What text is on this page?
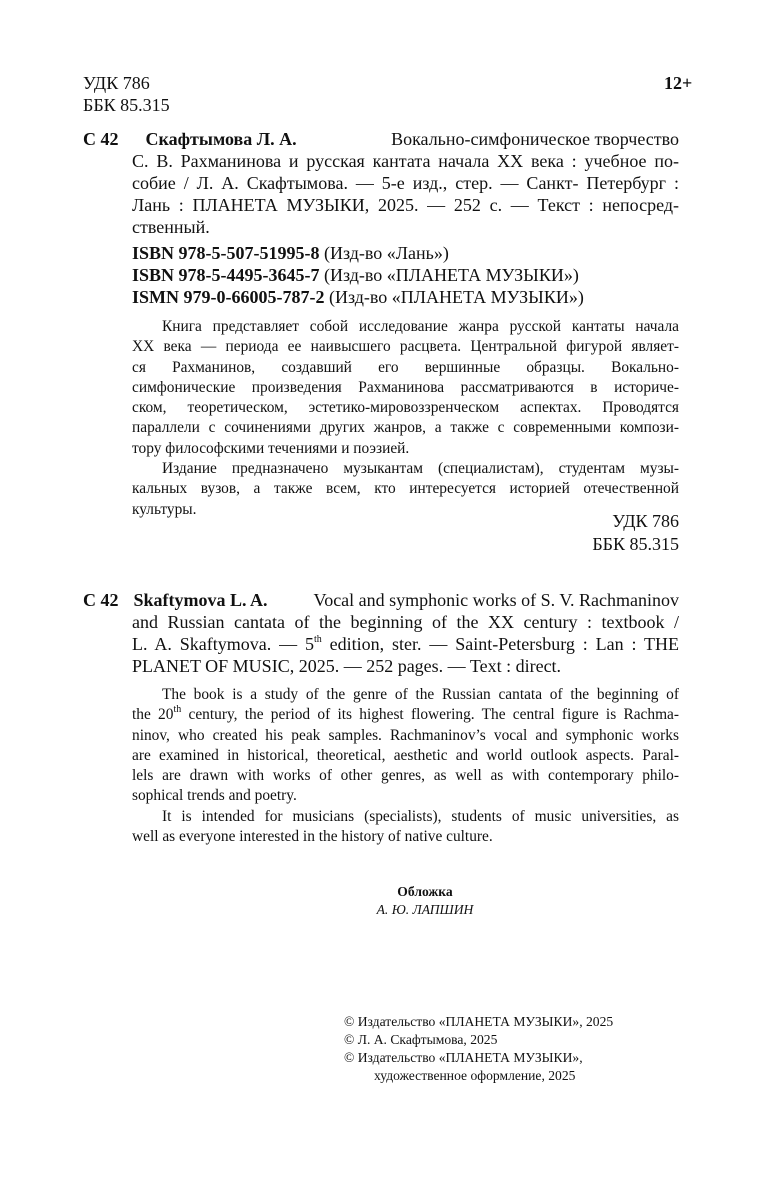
УДК 786
ББК 85.315
12+
С 42 Скафтымова Л. А.	Вокально-симфоническое творчество
С. В. Рахманинова и русская кантата начала XX века : учебное по-
собие / Л. А. Скафтымова. — 5-е изд., стер. — Санкт- Петербург :
Лань : ПЛАНЕТА МУЗЫКИ, 2025. — 252 с. — Текст : непосред-
ственный.
ISBN 978-5-507-51995-8 (Изд-во «Лань»)
ISBN 978-5-4495-3645-7 (Изд-во «ПЛАНЕТА МУЗЫКИ»)
ISMN 979-0-66005-787-2 (Изд-во «ПЛАНЕТА МУЗЫКИ»)
Книга представляет собой исследование жанра русской кантаты начала
XX века — периода ее наивысшего расцвета. Центральной фигурой являет-
ся Рахманинов, создавший его вершинные образцы. Вокально-
симфонические произведения Рахманинова рассматриваются в историче-
ском, теоретическом, эстетико-мировоззренческом аспектах. Проводятся
параллели с сочинениями других жанров, а также с современными компози-
тору философскими течениями и поэзией.
Издание предназначено музыкантам (специалистам), студентам музы-
кальных вузов, а также всем, кто интересуется историей отечественной
культуры.
УДК 786
ББК 85.315
С 42 Skaftymova L. A.	Vocal and symphonic works of S. V. Rachmaninov
and Russian cantata of the beginning of the XX century : textbook /
L. A. Skaftymova. — 5th edition, ster. — Saint-Petersburg : Lan : THE
PLANET OF MUSIC, 2025. — 252 pages. — Text : direct.
The book is a study of the genre of the Russian cantata of the beginning of
the 20th century, the period of its highest flowering. The central figure is Rachma-
ninov, who created his peak samples. Rachmaninov’s vocal and symphonic works
are examined in historical, theoretical, aesthetic and world outlook aspects. Paral-
lels are drawn with works of other genres, as well as with contemporary philo-
sophical trends and poetry.
It is intended for musicians (specialists), students of music universities, as
well as everyone interested in the history of native culture.
Обложка
А. Ю. ЛАПШИН
© Издательство «ПЛАНЕТА МУЗЫКИ», 2025
© Л. А. Скафтымова, 2025
© Издательство «ПЛАНЕТА МУЗЫКИ»,
художественное оформление, 2025
